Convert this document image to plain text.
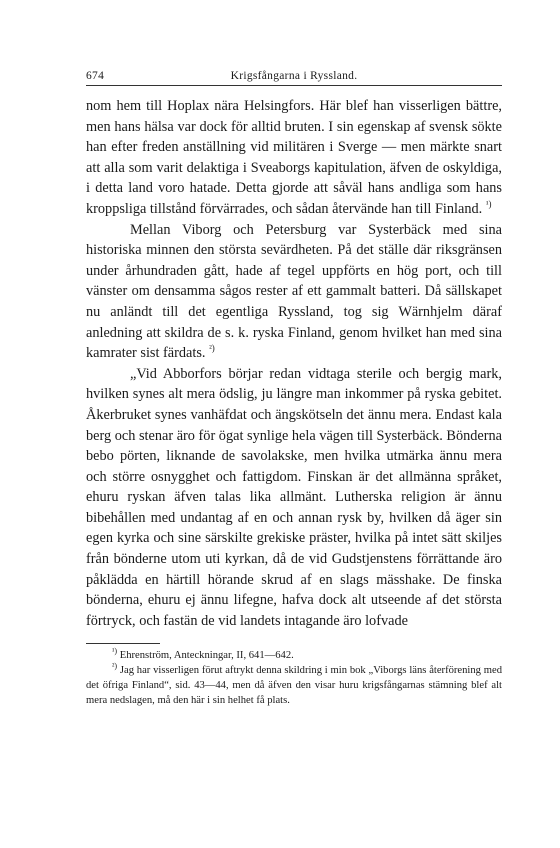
674	Krigsfångarna i Ryssland.

nom hem till Hoplax nära Helsingfors. Här blef han visserligen bättre, men hans hälsa var dock för alltid bruten. I sin egenskap af svensk sökte han efter freden anställning vid militären i Sverge — men märkte snart att alla som varit delaktiga i Sveaborgs kapitulation, äfven de oskyldiga, i detta land voro hatade. Detta gjorde att såväl hans andliga som hans kroppsliga tillstånd förvärrades, och sådan återvände han till Finland. $^{^1)}$

Mellan Viborg och Petersburg var Systerbäck med sina historiska minnen den största sevärdheten. På det ställe där riksgränsen under århundraden gått, hade af tegel uppförts en hög port, och till vänster om densamma sågos rester af ett gammalt batteri. Då sällskapet nu anländt till det egentliga Ryssland, tog sig Wärnhjelm däraf anledning att skildra de s. k. ryska Finland, genom hvilket han med sina kamrater sist färdats. $^{^2)}$

„Vid Abborfors börjar redan vidtaga sterile och bergig mark, hvilken synes alt mera ödslig, ju längre man inkommer på ryska gebitet. Åkerbruket synes vanhäfdat och ängskötseln det ännu mera. Endast kala berg och stenar äro för ögat synlige hela vägen till Systerbäck. Bönderna bebo pörten, liknande de savolakske, men hvilka utmärka ännu mera och större osnygghet och fattigdom. Finskan är det allmänna språket, ehuru ryskan äfven talas lika allmänt. Lutherska religion är ännu bibehållen med undantag af en och annan rysk by, hvilken då äger sin egen kyrka och sine särskilte grekiske präster, hvilka på intet sätt skiljes från bönderne utom uti kyrkan, då de vid Gudstjenstens förrättande äro påklädda en härtill hörande skrud af en slags mässhake. De finska bönderna, ehuru ej ännu lifegne, hafva dock alt utseende af det största förtryck, och fastän de vid landets intagande äro lofvade

$^{^1)}$ Ehrenström, Anteckningar, II, 641—642.

$^{^2)}$ Jag har visserligen förut aftrykt denna skildring i min bok „Viborgs läns återförening med det öfriga Finland“, sid. 43—44, men då äfven den visar huru krigsfångarnas stämning blef alt mera nedslagen, må den här i sin helhet få plats.
